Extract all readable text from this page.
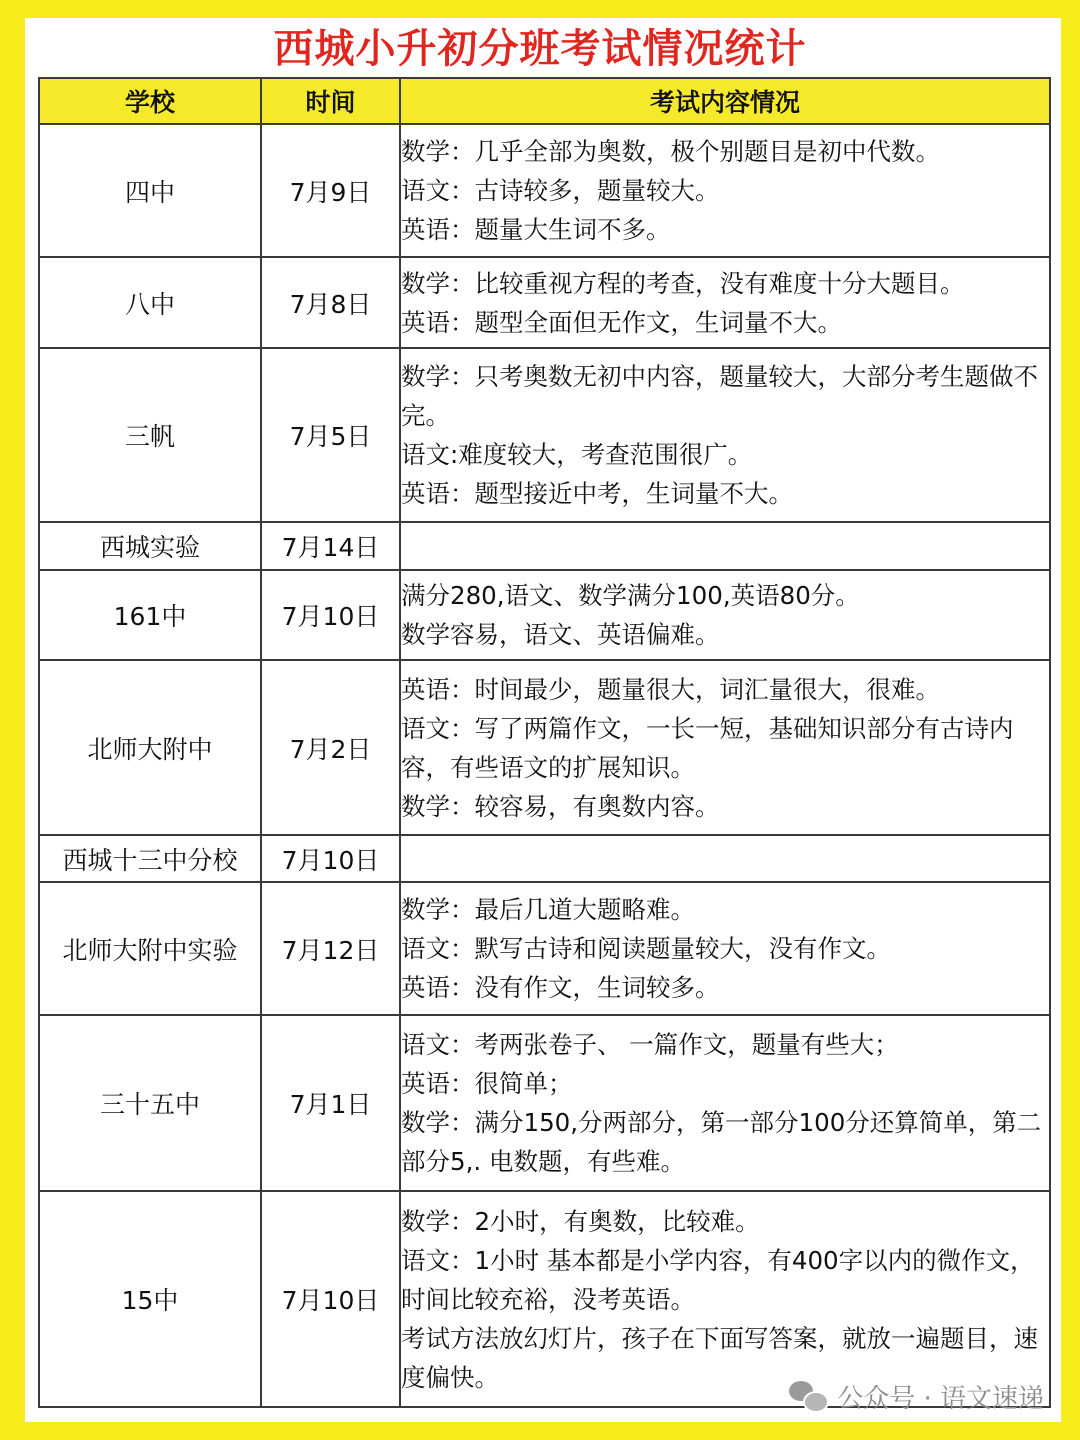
西城小升初分班考试情况统计
学校	时间	考试内容情况
四中	7月9日	数学：几乎全部为奥数，极个别题目是初中代数。
语文：古诗较多，题量较大。
英语：题量大生词不多。

八中	7月8日	数学：比较重视方程的考查，没有难度十分大题目。
英语：题型全面但无作文，生词量不大。

三帆	7月5日	数学：只考奥数无初中内容，题量较大，大部分考生题做不完。
语文:难度较大，考查范围很广。
英语：题型接近中考，生词量不大。

西城实验	7月14日	
161中	7月10日	满分280,语文、数学满分100,英语80分。
数学容易，语文、英语偏难。

北师大附中	7月2日	英语：时间最少，题量很大，词汇量很大，很难。
语文：写了两篇作文，一长一短，基础知识部分有古诗内容，有些语文的扩展知识。
数学：较容易，有奥数内容。

西城十三中分校	7月10日	
北师大附中实验	7月12日	数学：最后几道大题略难。
语文：默写古诗和阅读题量较大，没有作文。
英语：没有作文，生词较多。

三十五中	7月1日	语文：考两张卷子、 一篇作文，题量有些大；
英语：很简单；
数学：满分150,分两部分，第一部分100分还算简单，第二部分5,. 电数题，有些难。

15中	7月10日	数学：2小时，有奥数，比较难。
语文：1小时 基本都是小学内容，有400字以内的微作文，时间比较充裕，没考英语。
考试方法放幻灯片，孩子在下面写答案，就放一遍题目，速度偏快。
公众号 · 语文速递
